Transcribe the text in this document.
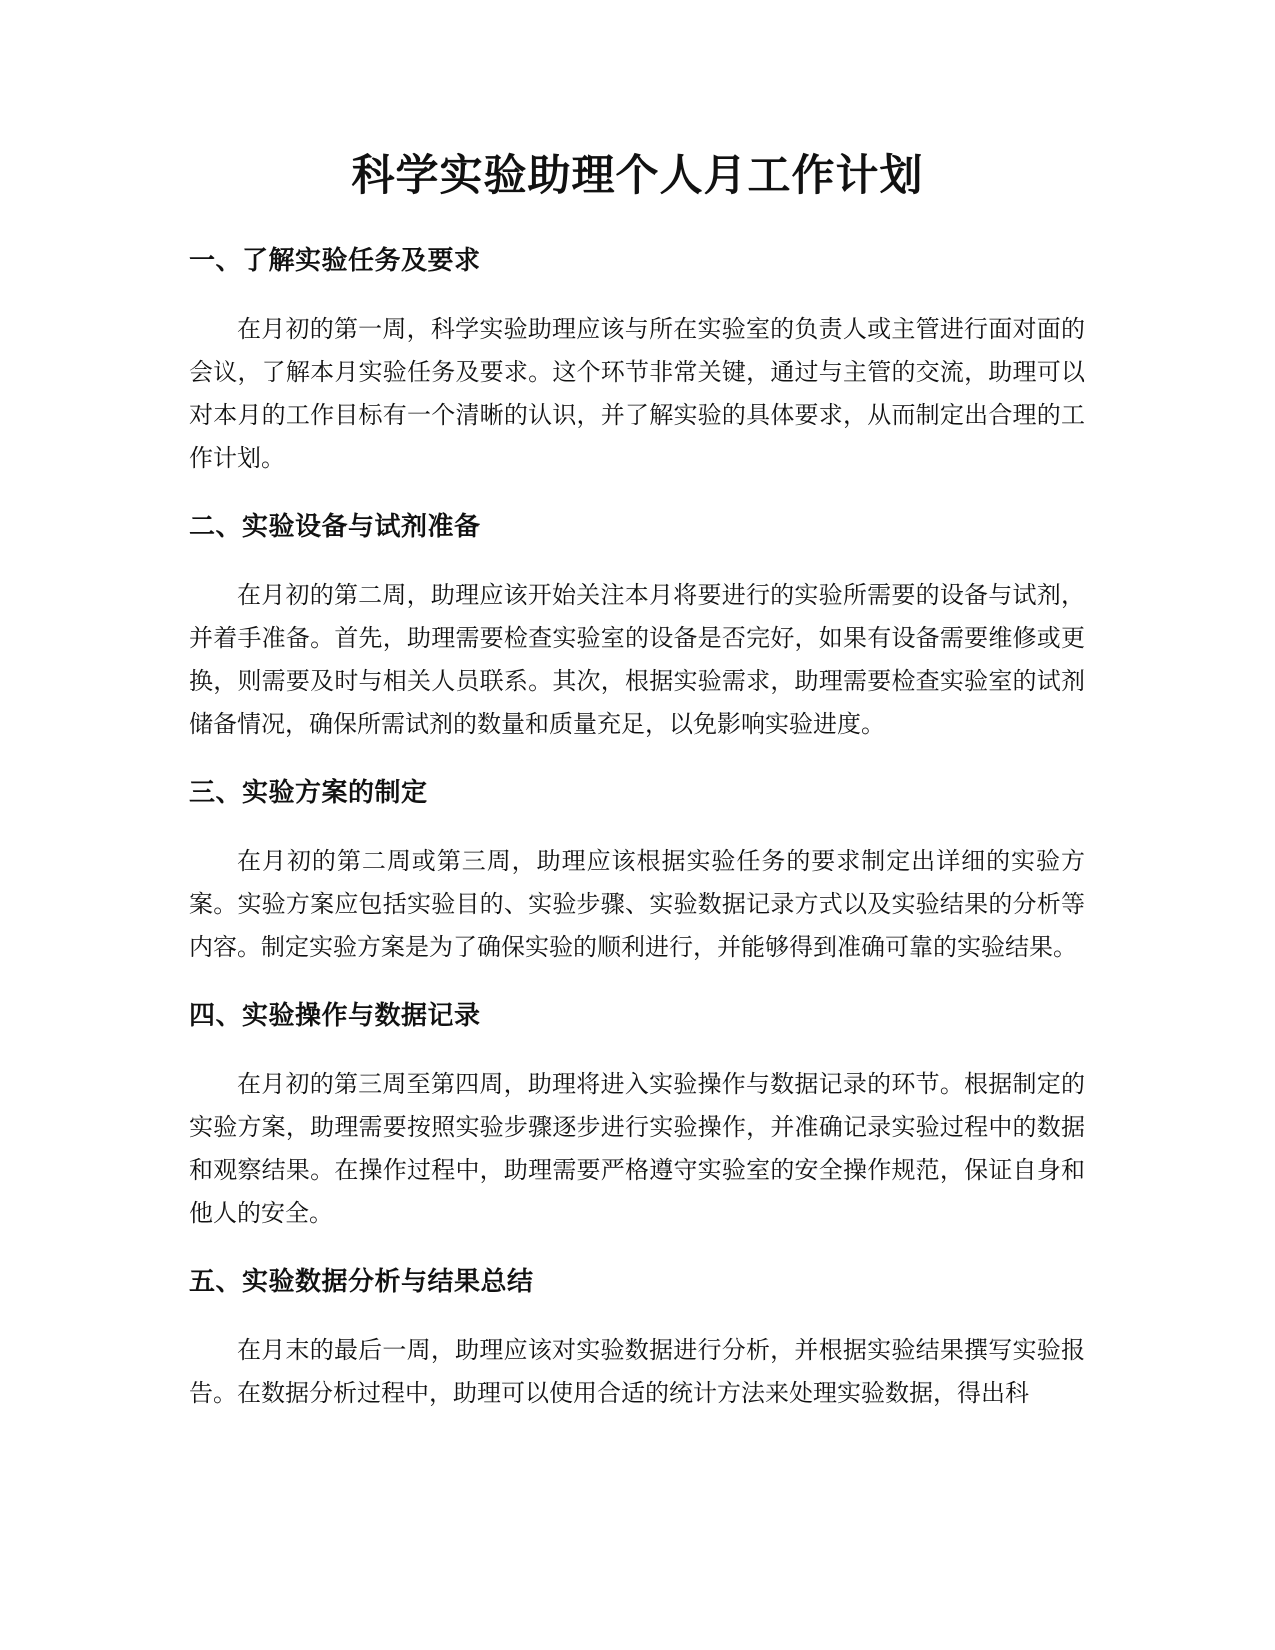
科学实验助理个人月工作计划
一、了解实验任务及要求

在月初的第一周，科学实验助理应该与所在实验室的负责人或主管进行面对面的会议，了解本月实验任务及要求。这个环节非常关键，通过与主管的交流，助理可以对本月的工作目标有一个清晰的认识，并了解实验的具体要求，从而制定出合理的工作计划。

二、实验设备与试剂准备

在月初的第二周，助理应该开始关注本月将要进行的实验所需要的设备与试剂，并着手准备。首先，助理需要检查实验室的设备是否完好，如果有设备需要维修或更换，则需要及时与相关人员联系。其次，根据实验需求，助理需要检查实验室的试剂储备情况，确保所需试剂的数量和质量充足，以免影响实验进度。

三、实验方案的制定

在月初的第二周或第三周，助理应该根据实验任务的要求制定出详细的实验方案。实验方案应包括实验目的、实验步骤、实验数据记录方式以及实验结果的分析等内容。制定实验方案是为了确保实验的顺利进行，并能够得到准确可靠的实验结果。

四、实验操作与数据记录

在月初的第三周至第四周，助理将进入实验操作与数据记录的环节。根据制定的实验方案，助理需要按照实验步骤逐步进行实验操作，并准确记录实验过程中的数据和观察结果。在操作过程中，助理需要严格遵守实验室的安全操作规范，保证自身和他人的安全。

五、实验数据分析与结果总结

在月末的最后一周，助理应该对实验数据进行分析，并根据实验结果撰写实验报告。在数据分析过程中，助理可以使用合适的统计方法来处理实验数据，得出科
